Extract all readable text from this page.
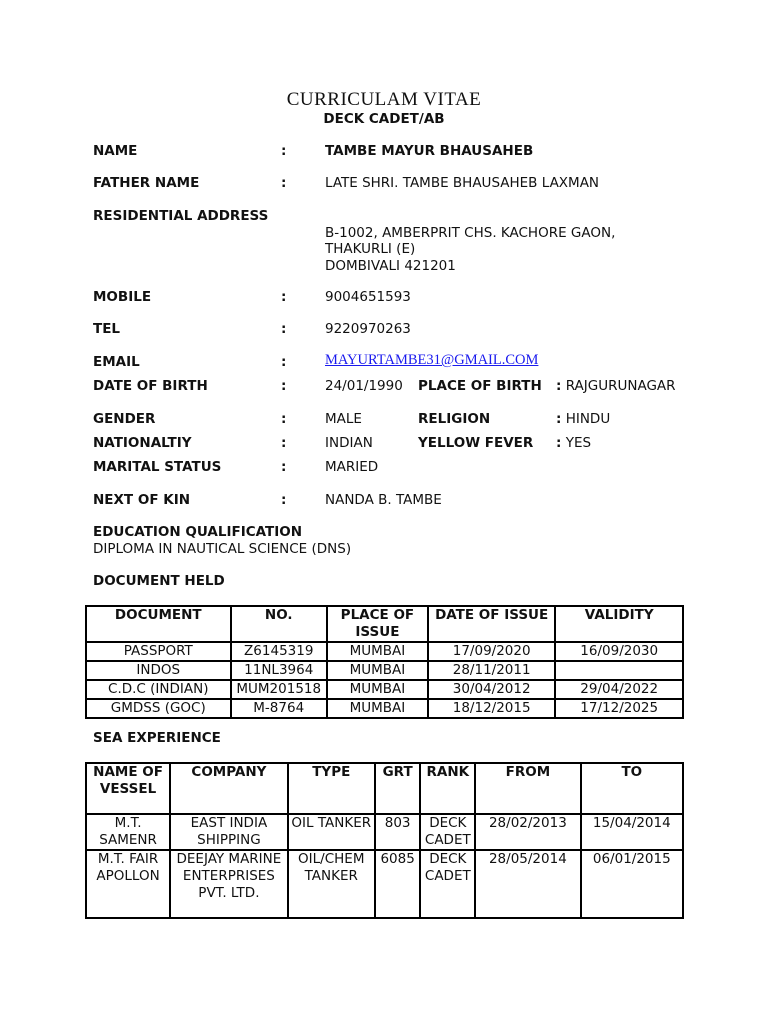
CURRICULAM VITAE
DECK CADET/AB
NAME	:	TAMBE MAYUR BHAUSAHEB
FATHER NAME	:	LATE SHRI. TAMBE BHAUSAHEB LAXMAN
RESIDENTIAL ADDRESS
B-1002, AMBERPRIT CHS. KACHORE GAON,
THAKURLI (E)
DOMBIVALI 421201
MOBILE	:	9004651593
TEL	:	9220970263
EMAIL	:	MAYURTAMBE31@GMAIL.COM
DATE OF BIRTH	:	24/01/1990 PLACE OF BIRTH : RAJGURUNAGAR
GENDER	:	MALE	RELIGION	: HINDU
NATIONALTIY	:	INDIAN	YELLOW FEVER : YES
MARITAL STATUS	:	MARIED
NEXT OF KIN	:	NANDA B. TAMBE
EDUCATION QUALIFICATION
DIPLOMA IN NAUTICAL SCIENCE (DNS)
DOCUMENT HELD
DOCUMENT	NO.	PLACE OF ISSUE	DATE OF ISSUE	VALIDITY
PASSPORT	Z6145319	MUMBAI	17/09/2020	16/09/2030
INDOS	11NL3964	MUMBAI	28/11/2011	
C.D.C (INDIAN)	MUM201518	MUMBAI	30/04/2012	29/04/2022
GMDSS (GOC)	M-8764	MUMBAI	18/12/2015	17/12/2025
SEA EXPERIENCE
NAME OF VESSEL	COMPANY	TYPE	GRT	RANK	FROM	TO
M.T. SAMENR	EAST INDIA SHIPPING	OIL TANKER	803	DECK CADET	28/02/2013	15/04/2014
M.T. FAIR APOLLON	DEEJAY MARINE ENTERPRISES PVT. LTD.	OIL/CHEM TANKER	6085	DECK CADET	28/05/2014	06/01/2015
